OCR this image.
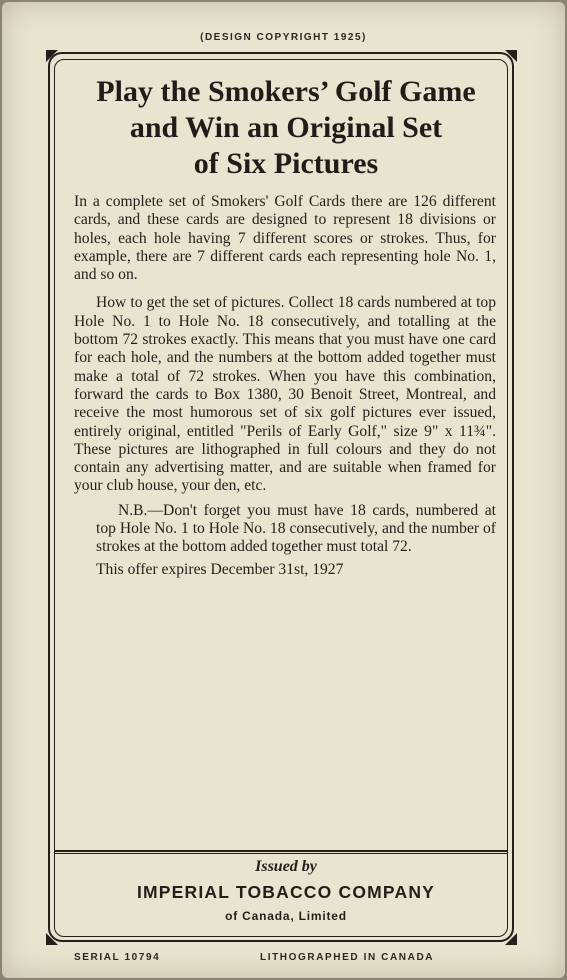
(DESIGN COPYRIGHT 1925)
Play the Smokers’ Golf Game
and Win an Original Set
of Six Pictures

In a complete set of Smokers' Golf Cards there are 126 different cards, and these cards are designed to represent 18 divisions or holes, each hole having 7 different scores or strokes. Thus, for example, there are 7 different cards each representing hole No. 1, and so on.

How to get the set of pictures. Collect 18 cards numbered at top Hole No. 1 to Hole No. 18 consecutively, and totalling at the bottom 72 strokes exactly. This means that you must have one card for each hole, and the numbers at the bottom added together must make a total of 72 strokes. When you have this combination, forward the cards to Box 1380, 30 Benoit Street, Montreal, and receive the most humorous set of six golf pictures ever issued, entirely original, entitled "Perils of Early Golf," size 9" x 11¾". These pictures are lithographed in full colours and they do not contain any advertising matter, and are suitable when framed for your club house, your den, etc.

N.B.—Don't forget you must have 18 cards, numbered at top Hole No. 1 to Hole No. 18 consecutively, and the number of strokes at the bottom added together must total 72.

This offer expires December 31st, 1927

Issued by
IMPERIAL TOBACCO COMPANY
of Canada, Limited
SERIAL 10794	LITHOGRAPHED IN CANADA
